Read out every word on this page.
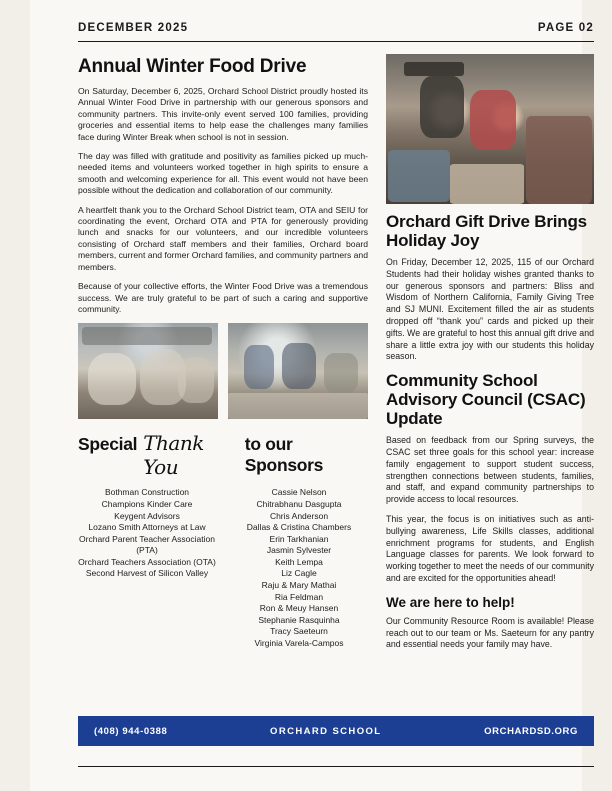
DECEMBER 2025	PAGE 02
Annual Winter Food Drive

On Saturday, December 6, 2025, Orchard School District proudly hosted its Annual Winter Food Drive in partnership with our generous sponsors and community partners. This invite-only event served 100 families, providing groceries and essential items to help ease the challenges many families face during Winter Break when school is not in session.

The day was filled with gratitude and positivity as families picked up much-needed items and volunteers worked together in high spirits to ensure a smooth and welcoming experience for all. This event would not have been possible without the dedication and collaboration of our community.

A heartfelt thank you to the Orchard School District team, OTA and SEIU for coordinating the event, Orchard OTA and PTA for generously providing lunch and snacks for our volunteers, and our incredible volunteers consisting of Orchard staff members and their families, Orchard board members, current and former Orchard families, and community partners and members.

Because of your collective efforts, the Winter Food Drive was a tremendous success. We are truly grateful to be part of such a caring and supportive community.

Special Thank You
to our Sponsors
Bothman Construction
Champions Kinder Care
Keygent Advisors
Lozano Smith Attorneys at Law
Orchard Parent Teacher Association (PTA)
Orchard Teachers Association (OTA)
Second Harvest of Silicon Valley
Cassie Nelson
Chitrabhanu Dasgupta
Chris Anderson
Dallas & Cristina Chambers
Erin Tarkhanian
Jasmin Sylvester
Keith Lempa
Liz Cagle
Raju & Mary Mathai
Ria Feldman
Ron & Meuy Hansen
Stephanie Rasquinha
Tracy Saeteurn
Virginia Varela-Campos
Orchard Gift Drive Brings Holiday Joy

On Friday, December 12, 2025, 115 of our Orchard Students had their holiday wishes granted thanks to our generous sponsors and partners: Bliss and Wisdom of Northern California, Family Giving Tree and SJ MUNI. Excitement filled the air as students dropped off “thank you” cards and picked up their gifts. We are grateful to host this annual gift drive and share a little extra joy with our students this holiday season.

Community School Advisory Council (CSAC) Update

Based on feedback from our Spring surveys, the CSAC set three goals for this school year: increase family engagement to support student success, strengthen connections between students, families, and staff, and expand community partnerships to provide access to local resources.

This year, the focus is on initiatives such as anti-bullying awareness, Life Skills classes, additional enrichment programs for students, and English Language classes for parents. We look forward to working together to meet the needs of our community and are excited for the opportunities ahead!

We are here to help!

Our Community Resource Room is available! Please reach out to our team or Ms. Saeteurn for any pantry and essential needs your family may have.

(408) 944-0388	ORCHARD SCHOOL	ORCHARDSD.ORG
